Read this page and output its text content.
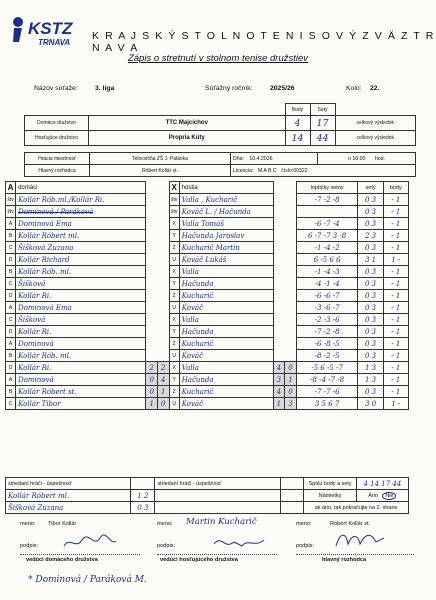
KSTZ
TRNAVA
K R A J S K Ý S T O L N O T E N I S O V Ý Z V Ä Z T R N A V A
Zápis o stretnutí v stolnom tenise družstiev
Názov súťaže:	3. liga	Súťažný ročník:	2025/26	Kolo: 22.
		Body	Sety	
Domáce družstvo	TTC Majcichov	4	17	celkový výsledok
Hosťujúce družstvo	Propria Kúty	14	44	celkový výsledok
Hracia miestnosť	Telocvičňa ZŠ J. Palárika	Dňa: 10.4.2026	o 16:00 hod.
Hlavný rozhodca	Róbert Kollár st.	Licencia: M A B C číslo:00322	
A	domáci			X	hostia			loptičky setov	sety	body
štv	Kollár Rób.ml./Kollár Ri.			štv	Valla , Kucharič			-7 -2 -8	0 3	- 1
štv	Dominová / Paráková			štv	Kováč L. / Hačunda				0 3	- 1
A	Dominová Ema			X	Valla Tomáš			-6 -7 -4	0 3	- 1
B	Kollár Róbert ml.			Y	Hačunda Jaroslav			6 -7 -7 3 -8	2 3	- 1
C	Šišková Zuzana			Z	Kucharič Martin			-1 -4 -2	0 3	- 1
D	Kollár Richard			U	Kováč Lukáš			6 -5 6 6	3 1	1 -
B	Kollár Rób. ml.			X	Valla			-1 -4 -3	0 3	- 1
C	Šišková			Y	Hačunda			-4 -1 -4	0 3	- 1
D	Kollár Ri.			Z	Kucharič			-6 -6 -7	0 3	- 1
A	Dominová Ema			U	Kováč			-3 -6 -7	0 3	- 1
C	Šišková			X	Valla			-2 -3 -6	0 3	- 1
D	Kollár Ri.			Y	Hačunda			-7 -2 -8	0 3	- 1
A	Dominová			Z	Kucharič			-6 -8 -5	0 3	- 1
B	Kollár Rób. ml.			U	Kováč			-8 -2 -5	0 3	- 1
D	Kollár Ri.	2	2	X	Valla	4	0	-5 6 -5 -7	1 3	- 1
A	Dominová	0	4	Y	Hačunda	3	1	-8 -4 -7 -8	1 3	- 1
B	Kollár Róbert st.	0	1	Z	Kucharič	4	0	-7 -7 -6	0 3	- 1
C	Kollár Tibor	1	0	U	Kováč	1	3	3 5 6 7	3 0	1 -
striedaní hráči - úspešnosť		striedaní hráči - úspešnosť		Spolu body a sety	4 14 17 44
Kollár Róbert ml.	1 2			Námietky	Áno Nie
Šišková Zuzana	0 3			ak áno, tak pokračujte na 2. strane	
meno: Tibor Kollár	meno: Martin Kucharič	meno:	Róbert Kollár st.
podpis:	podpis:	podpis:
vedúci domáceho družstva	vedúci hosťujúceho družstva	hlavný rozhodca
* Dominová / Paráková M.
